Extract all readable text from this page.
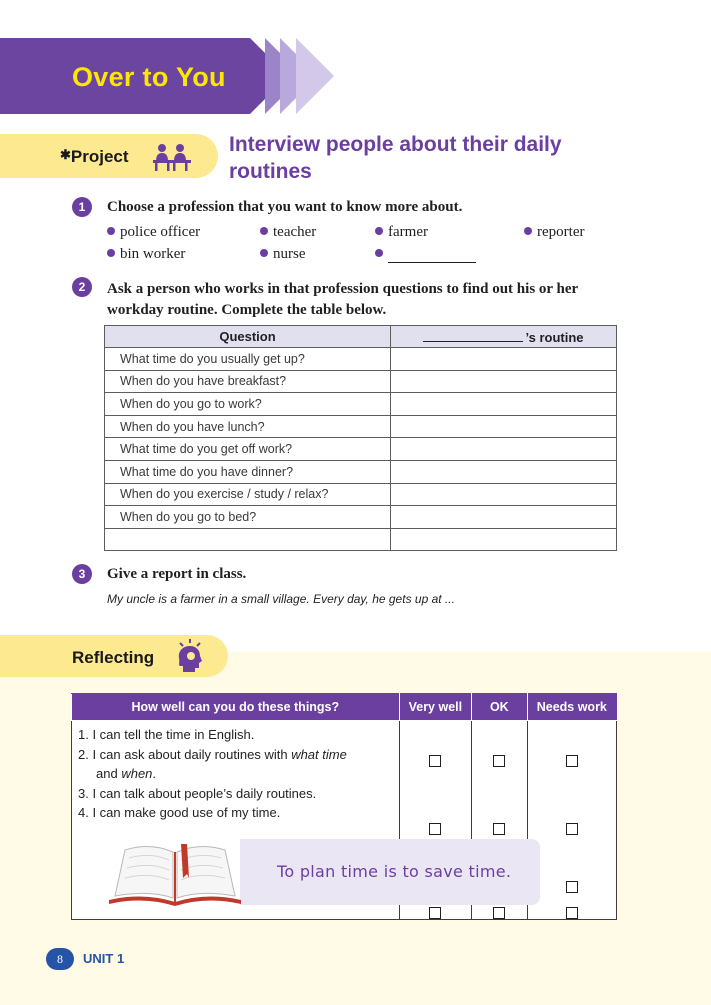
Over to You
✱Project
Interview people about their daily routines
1	Choose a profession that you want to know more about.
police officer	teacher	farmer	reporter
bin worker	nurse
2	Ask a person who works in that profession questions to find out his or her workday routine. Complete the table below.
Question	’s routine
What time do you usually get up?	
When do you have breakfast?	
When do you go to work?	
When do you have lunch?	
What time do you get off work?	
What time do you have dinner?	
When do you exercise / study / relax?	
When do you go to bed?	

3	Give a report in class.
My uncle is a farmer in a small village. Every day, he gets up at ...
Reflecting
How well can you do these things?	Very well	OK	Needs work

1. I can tell the time in English.
2. I can ask about daily routines with what time
and when.
3. I can talk about people’s daily routines.
4. I can make good use of my time.			

To plan time is to save time.
8	UNIT 1
